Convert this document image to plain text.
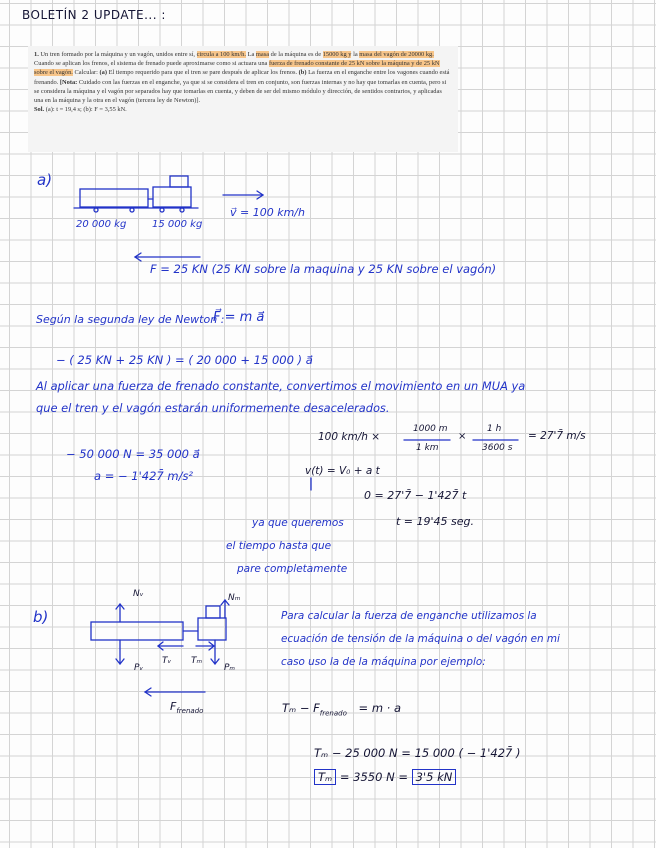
BOLETÍN 2 UPDATE... :

1. Un tren formado por la máquina y un vagón, unidos entre sí, circula a 100 km/h. La masa de la máquina es de 15000 kg y la masa del vagón de 20000 kg. Cuando se aplican los frenos, el sistema de frenado puede aproximarse como si actuara una fuerza de frenado constante de 25 kN sobre la máquina y de 25 kN sobre el vagón. Calcular: (a) El tiempo requerido para que el tren se pare después de aplicar los frenos. (b) La fuerza en el enganche entre los vagones cuando está frenando. [Nota: Cuidado con las fuerzas en el enganche, ya que si se considera el tren en conjunto, son fuerzas internas y no hay que tomarlas en cuenta, pero si se considera la máquina y el vagón por separados hay que tomarlas en cuenta, y deben de ser del mismo módulo y dirección, de sentidos contrarios, y aplicadas una en la máquina y la otra en el vagón (tercera ley de Newton)].

Sol. (a): t = 19,4 s; (b): F = 3,55 kN.

a)
20 000 kg	15 000 kg
v⃗ = 100 km/h
F = 25 KN (25 KN sobre la maquina y 25 KN sobre el vagón)
Según la segunda ley de Newton :
F⃗ = m a⃗
− ( 25 KN + 25 KN ) = ( 20 000 + 15 000 ) a⃗
Al aplicar una fuerza de frenado constante, convertimos el movimiento en un MUA ya
que el tren y el vagón estarán uniformemente desacelerados.
100 km/h ×
1000 m
1 km
×
1 h
3600 s
= 27'7̄ m/s
− 50 000 N = 35 000 a⃗
a = − 1'427̄ m/s²	v(t) = V₀ + a t
0 = 27'7̄ − 1'427̄ t
t = 19'45 seg.
ya que queremos
el tiempo hasta que
pare completamente
b)
Nᵥ	Nₘ
Pᵥ
Tᵥ Tₘ
Pₘ
$F_{frenado}$
Para calcular la fuerza de enganche utilizamos la
ecuación de tensión de la máquina o del vagón en mi
caso uso la de la máquina por ejemplo:
$T_m - F_{frenado} = m \cdot a$
Tₘ − 25 000 N = 15 000 ( − 1'427̄ )
Tₘ = 3550 N = 3'5 kN
